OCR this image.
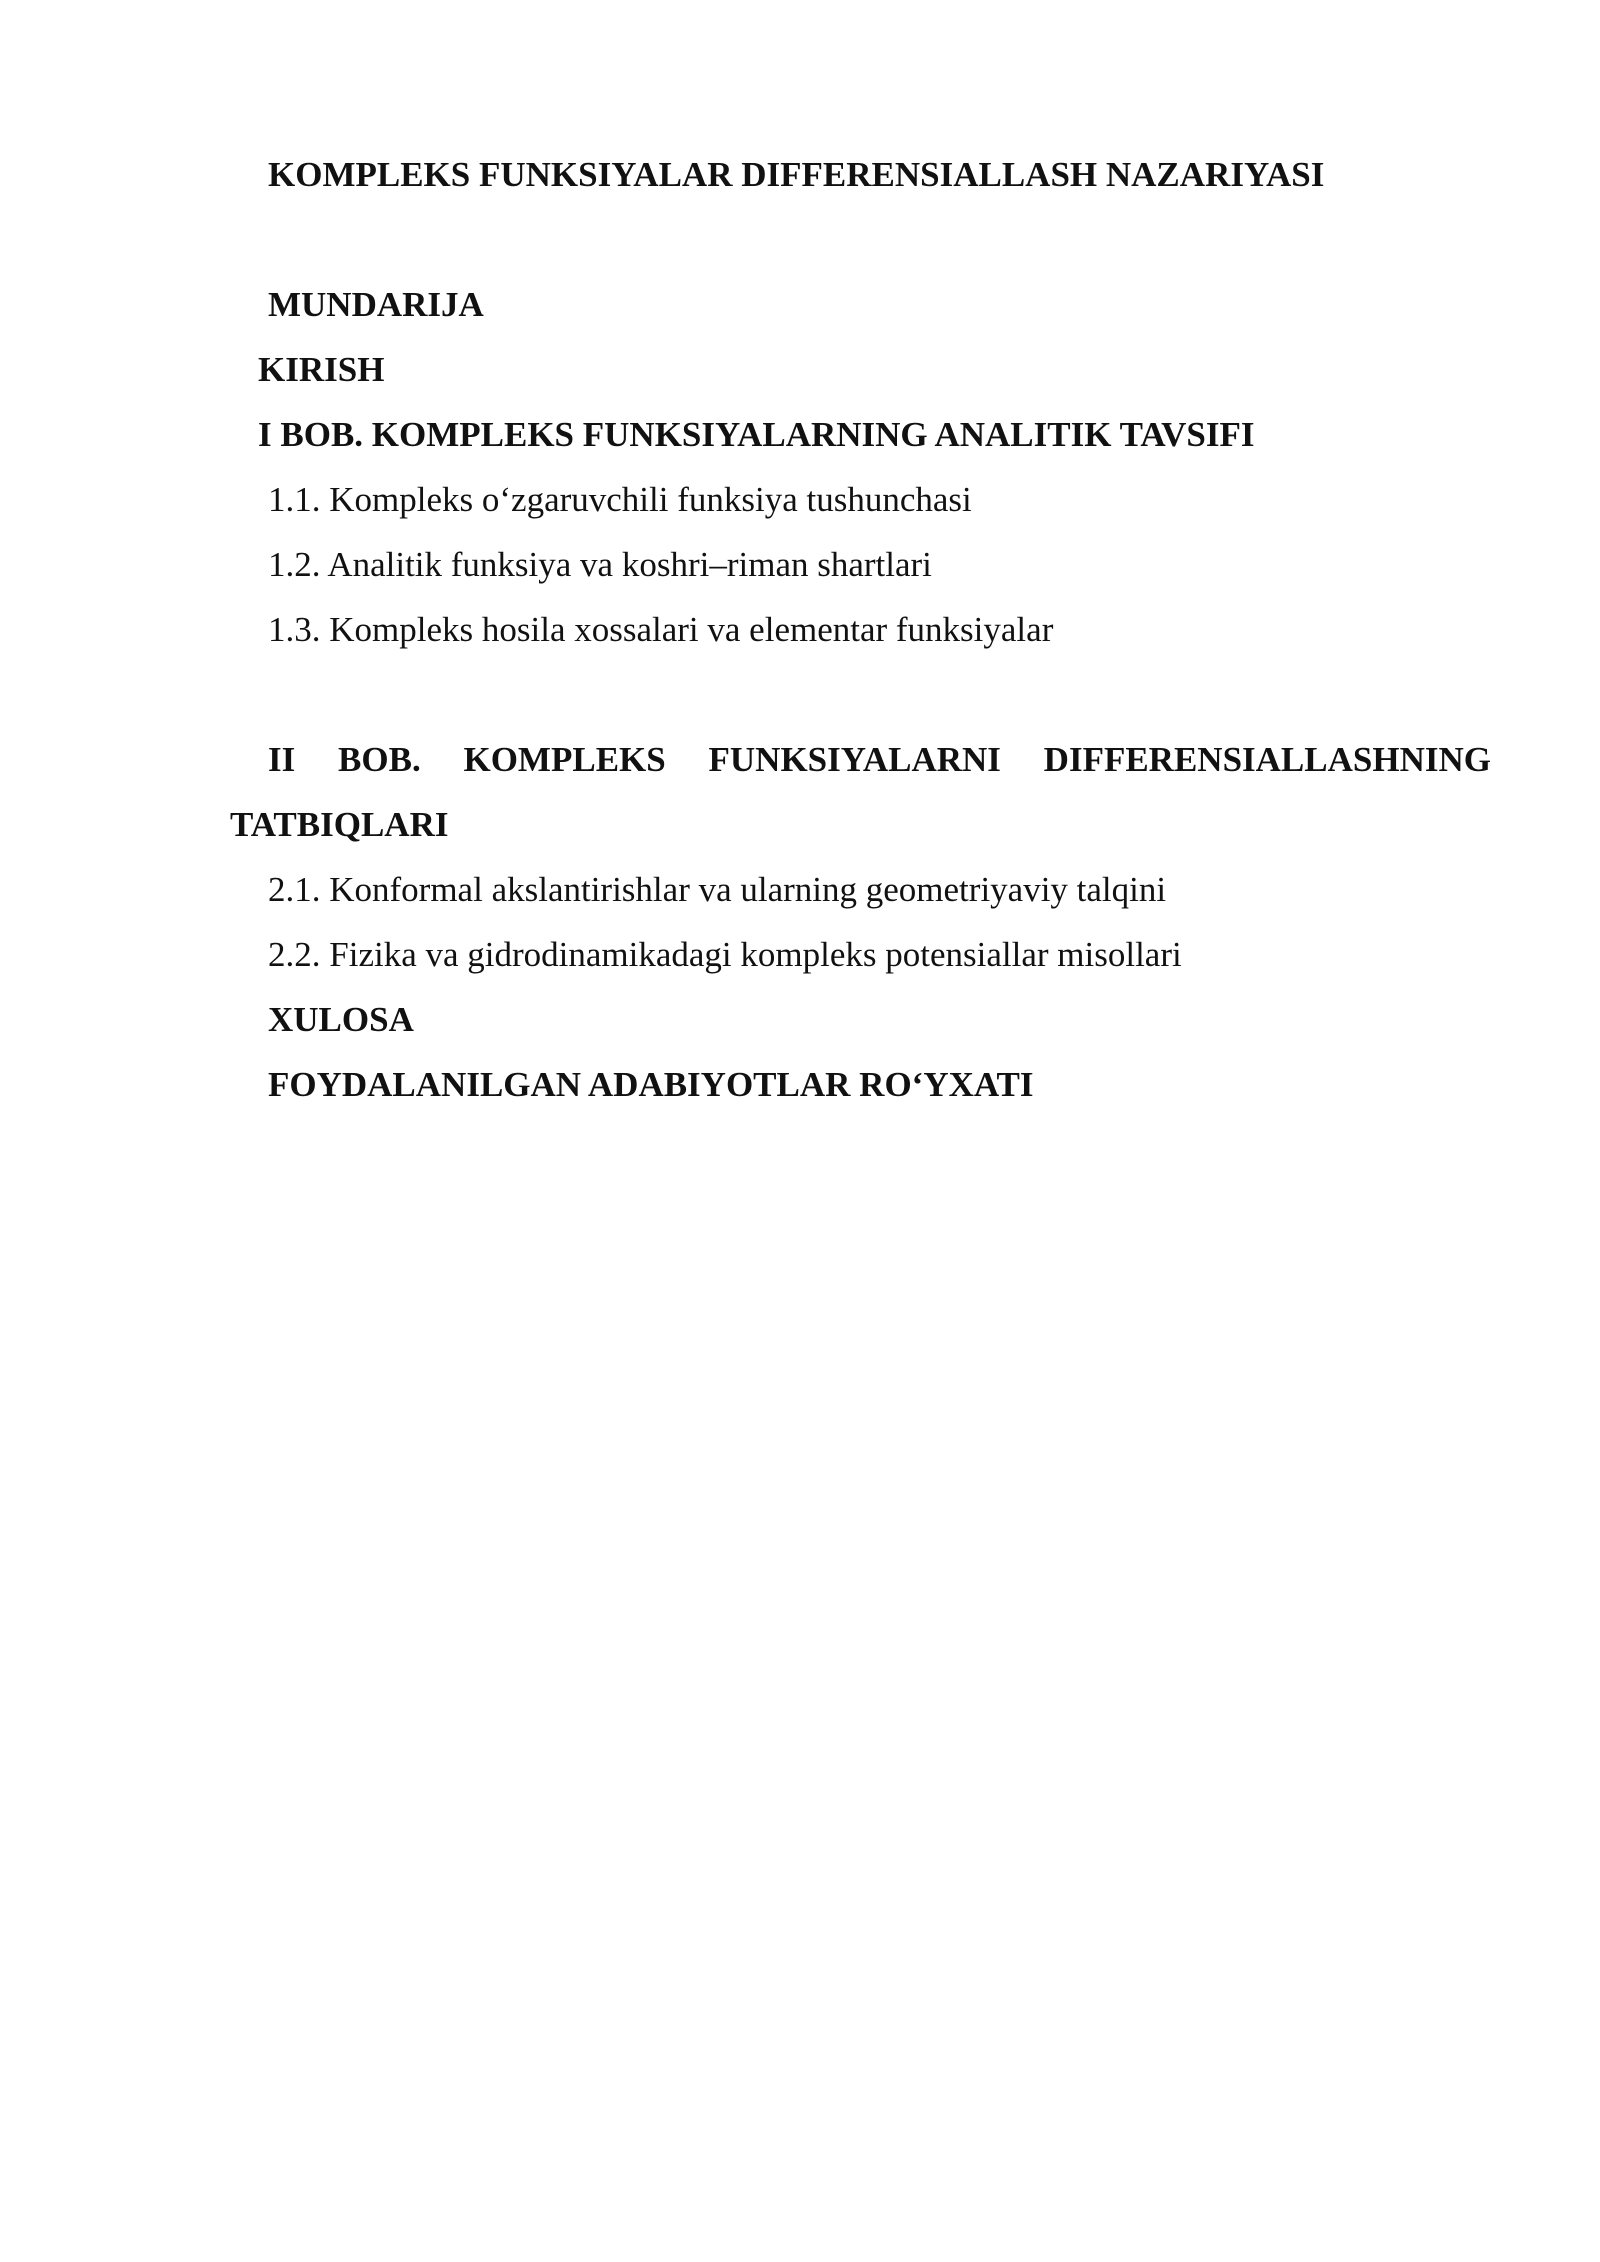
KOMPLEKS FUNKSIYALAR DIFFERENSIALLASH NAZARIYASI
MUNDARIJA
KIRISH
I BOB. KOMPLEKS FUNKSIYALARNING ANALITIK TAVSIFI
1.1. Kompleks o‘zgaruvchili funksiya tushunchasi
1.2. Analitik funksiya va koshri–riman shartlari
1.3. Kompleks hosila xossalari va elementar funksiyalar
II BOB. KOMPLEKS FUNKSIYALARNI DIFFERENSIALLASHNING
TATBIQLARI
2.1. Konformal akslantirishlar va ularning geometriyaviy talqini
2.2. Fizika va gidrodinamikadagi kompleks potensiallar misollari
XULOSA
FOYDALANILGAN ADABIYOTLAR RO‘YXATI
